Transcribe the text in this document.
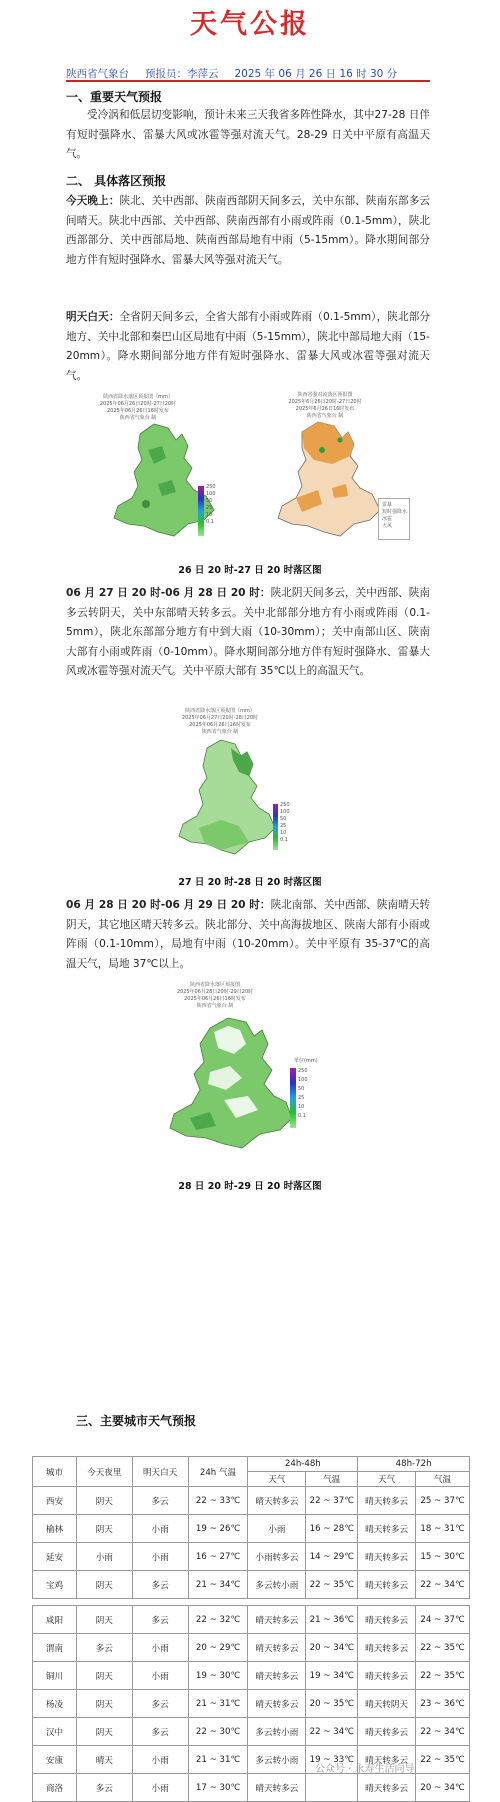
天气公报
陕西省气象台 预报员：李萍云 2025 年 06 月 26 日 16 时 30 分
一、重要天气预报
受冷涡和低层切变影响，预计未来三天我省多阵性降水，其中27-28 日伴有短时强降水、雷暴大风或冰雹等强对流天气。28-29 日关中平原有高温天气。
二、 具体落区预报
今天晚上：陕北、关中西部、陕南西部阴天间多云，关中东部、陕南东部多云间晴天。陕北中西部、关中西部、陕南西部有小雨或阵雨（0.1-5mm），陕北西部部分、关中西部局地、陕南西部局地有中雨（5-15mm）。降水期间部分地方伴有短时强降水、雷暴大风等强对流天气。
明天白天：全省阴天间多云，全省大部有小雨或阵雨（0.1-5mm），陕北部分地方、关中北部和秦巴山区局地有中雨（5-15mm），陕北中部局地大雨（15-20mm）。降水期间部分地方伴有短时强降水、雷暴大风或冰雹等强对流天气。
陕西省降水落区预报图（mm）
2025年06月26日20时-27日20时
2025年06月26日16时发布
陕西省气象台 制
250
100
50
25
10
0.1
陕西省强对流落区预报图
2025年6月26日20时-27日20时
2025年6月26日16时发布
陕西省气象台 制
雷暴
短时强降水
冰雹
大风
26 日 20 时-27 日 20 时落区图
06 月 27 日 20 时-06 月 28 日 20 时：陕北阴天间多云，关中西部、陕南多云转阴天，关中东部晴天转多云。关中北部部分地方有小雨或阵雨（0.1-5mm），陕北东部部分地方有中到大雨（10-30mm）；关中南部山区、陕南大部有小雨或阵雨（0-10mm）。降水期间部分地方伴有短时强降水、雷暴大风或冰雹等强对流天气。关中平原大部有 35℃以上的高温天气。
陕西省降水落区预报图（mm）
2025年06月27日20时-28日20时
2025年06月26日16时发布
陕西省气象台 制
250
100
50
25
10
0.1
27 日 20 时-28 日 20 时落区图
06 月 28 日 20 时-06 月 29 日 20 时：陕北南部、关中西部、陕南晴天转阴天，其它地区晴天转多云。陕北部分、关中高海拔地区、陕南大部有小雨或阵雨（0.1-10mm），局地有中雨（10-20mm）。关中平原有 35-37℃的高温天气，局地 37℃以上。
陕西省降水落区预报图
2025年06月28日20时-29日20时
2025年06月26日16时发布
陕西省气象台 制
单位(mm)
250
100
50
25
10
0.1
28 日 20 时-29 日 20 时落区图
三、主要城市天气预报
城市	今天夜里	明天白天	24h 气温	24h-48h		48h-72h	
				天气	气温	天气	气温
西安	阴天	多云	22 ~ 33℃	晴天转多云	22 ~ 37℃	晴天转多云	25 ~ 37℃
榆林	阴天	小雨	19 ~ 26℃	小雨	16 ~ 28℃	晴天转多云	18 ~ 31℃
延安	小雨	小雨	16 ~ 27℃	小雨转多云	14 ~ 29℃	晴天转多云	15 ~ 30℃
宝鸡	阴天	多云	21 ~ 34℃	多云转小雨	22 ~ 35℃	晴天转多云	22 ~ 34℃

咸阳	阴天	多云	22 ~ 32℃	晴天转多云	21 ~ 36℃	晴天转多云	24 ~ 37℃
渭南	多云	小雨	20 ~ 29℃	晴天转多云	20 ~ 34℃	晴天转多云	22 ~ 35℃
铜川	阴天	小雨	19 ~ 30℃	晴天转多云	19 ~ 34℃	晴天转多云	22 ~ 35℃
杨凌	阴天	多云	21 ~ 31℃	晴天转多云	20 ~ 35℃	晴天转阴天	23 ~ 36℃
汉中	阴天	多云	22 ~ 30℃	多云转小雨	22 ~ 34℃	晴天转多云	22 ~ 34℃
安康	晴天	小雨	21 ~ 31℃	多云转小雨	19 ~ 33℃	晴天转多云	22 ~ 35℃
商洛	多云	小雨	17 ~ 30℃	晴天转多云		晴天转多云	20 ~ 34℃
公众号 · 永寿生活向导
